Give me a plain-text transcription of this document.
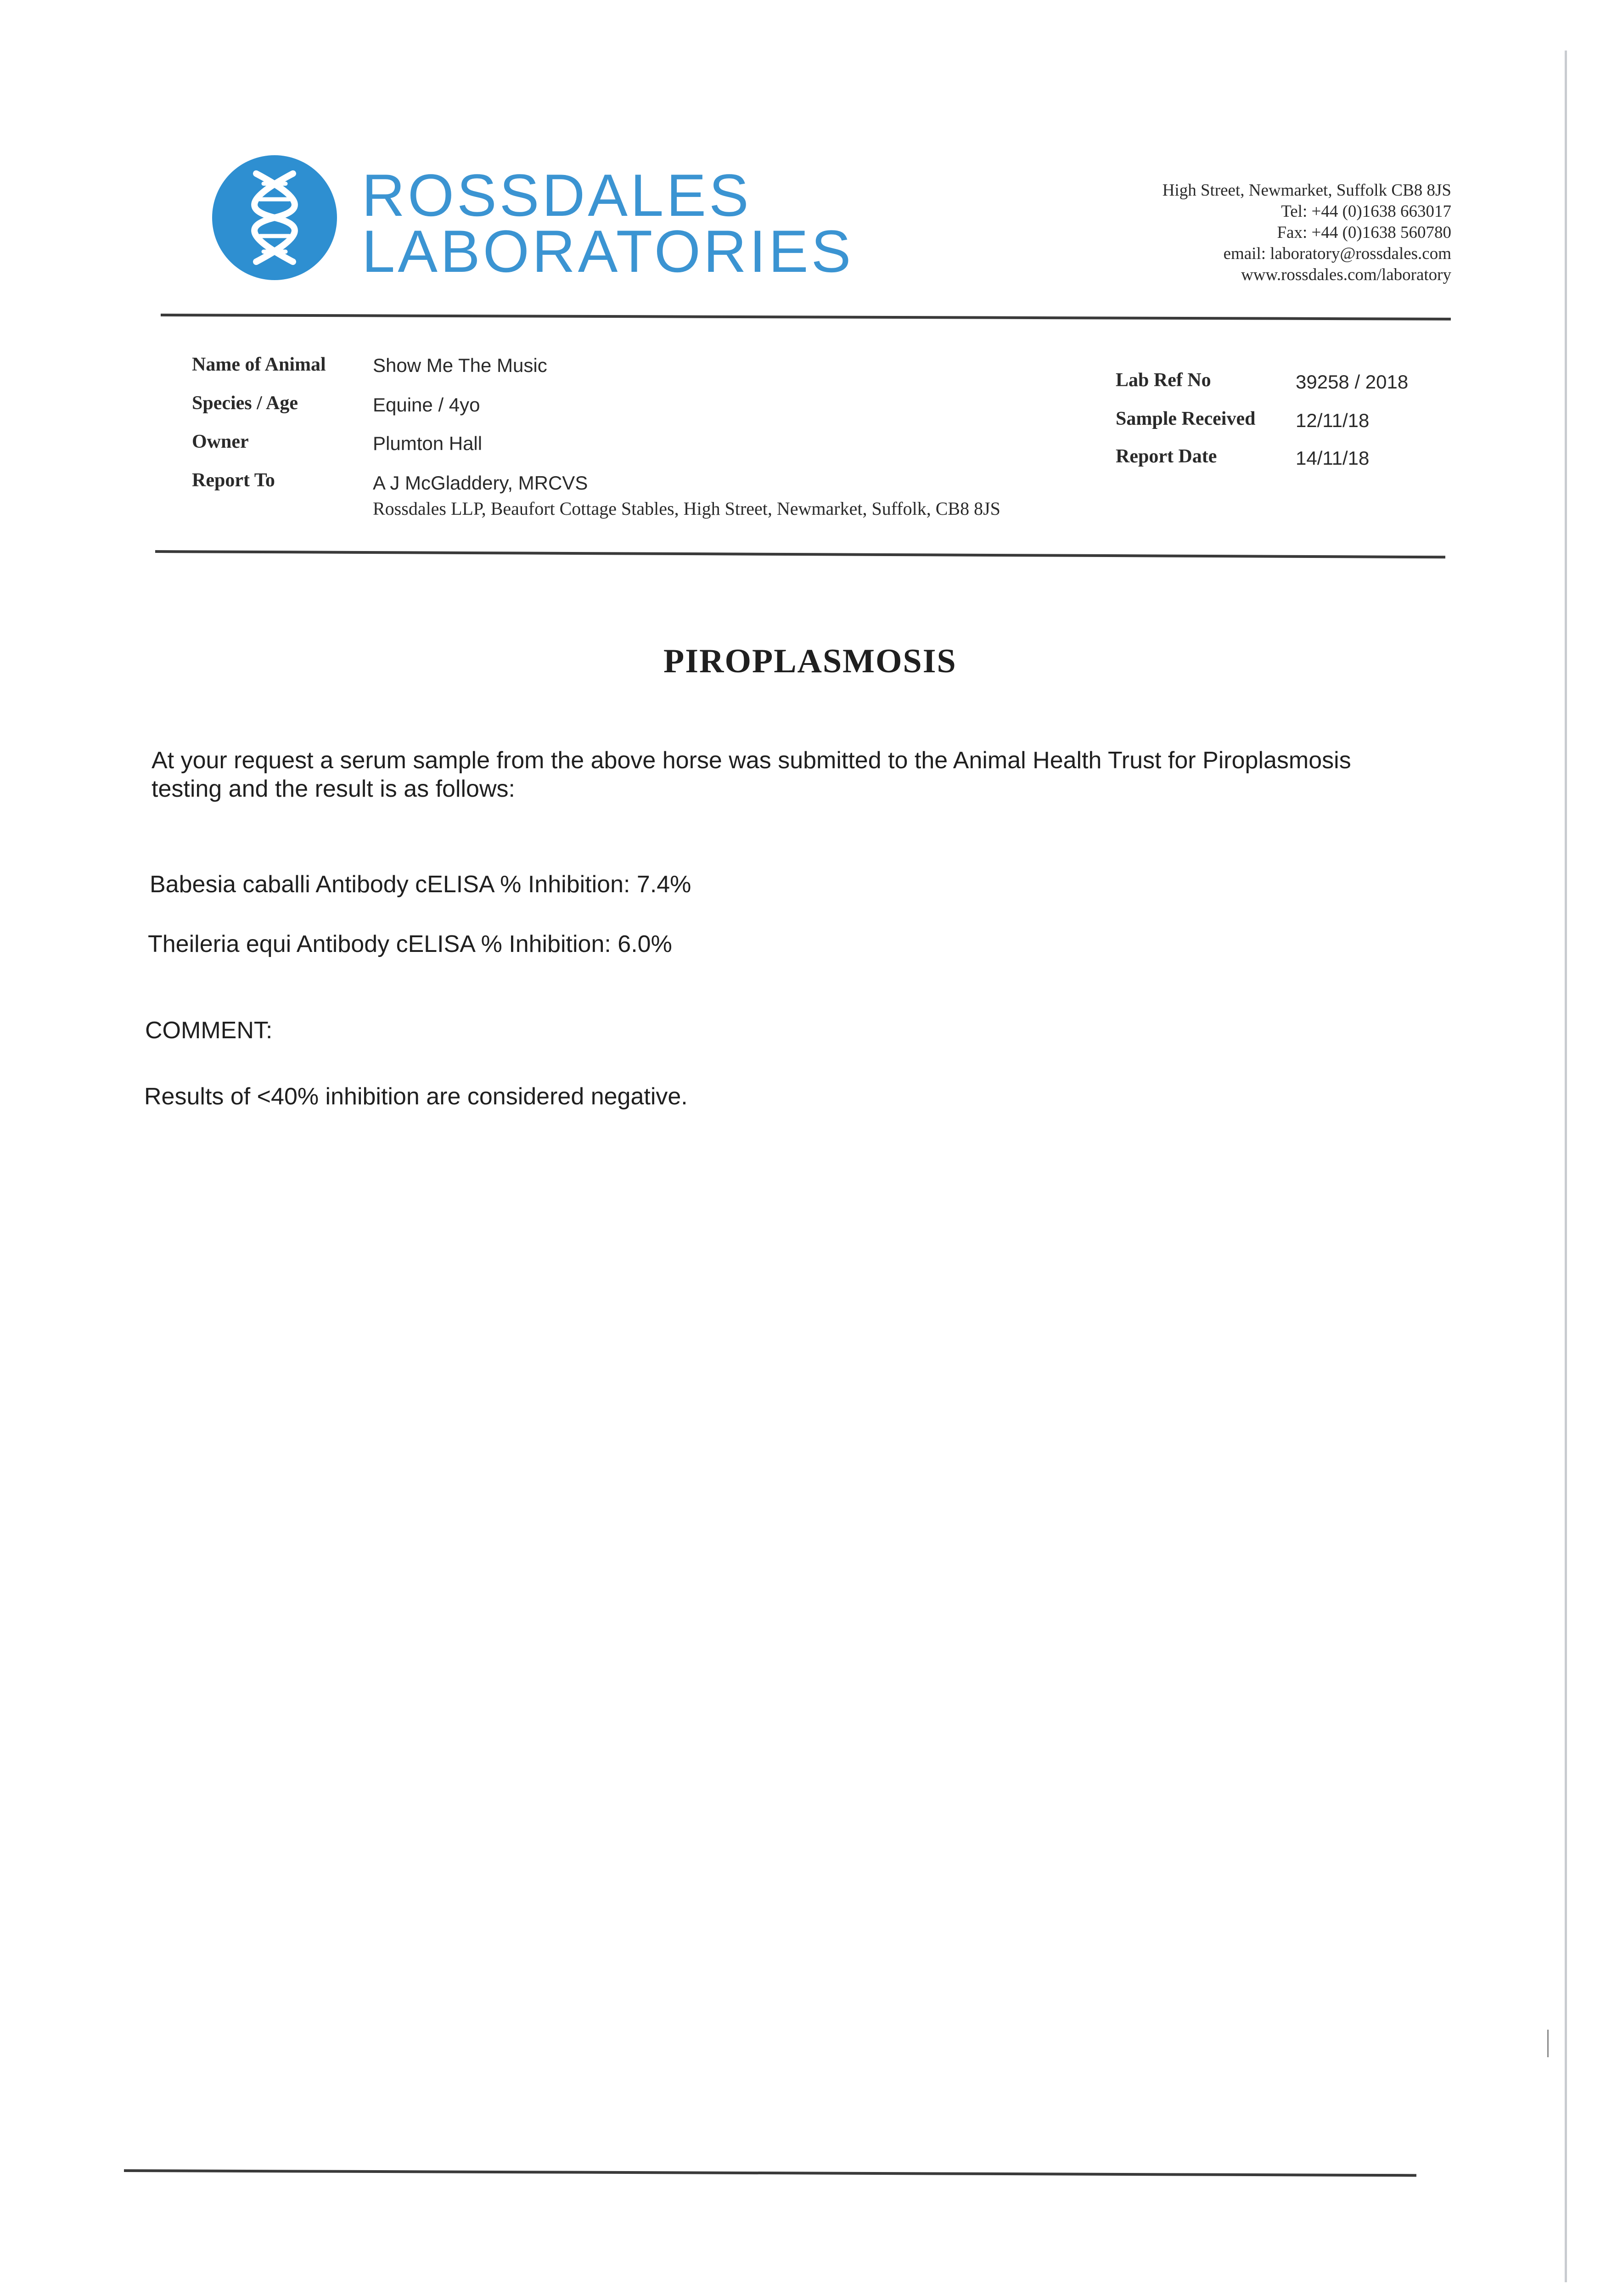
ROSSDALES
LABORATORIES
High Street, Newmarket, Suffolk CB8 8JS
Tel: +44 (0)1638 663017
Fax: +44 (0)1638 560780
email: laboratory@rossdales.com
www.rossdales.com/laboratory
Name of Animal Show Me The Music
Species / Age	Equine / 4yo
Owner	Plumton Hall
Report To	A J McGladdery, MRCVS
Rossdales LLP, Beaufort Cottage Stables, High Street, Newmarket, Suffolk, CB8 8JS
Lab Ref No	39258 / 2018
Sample Received 12/11/18
Report Date	14/11/18
PIROPLASMOSIS
At your request a serum sample from the above horse was submitted to the Animal Health Trust for Piroplasmosis
testing and the result is as follows:
Babesia caballi Antibody cELISA % Inhibition: 7.4%
Theileria equi Antibody cELISA % Inhibition: 6.0%
COMMENT:
Results of <40% inhibition are considered negative.
